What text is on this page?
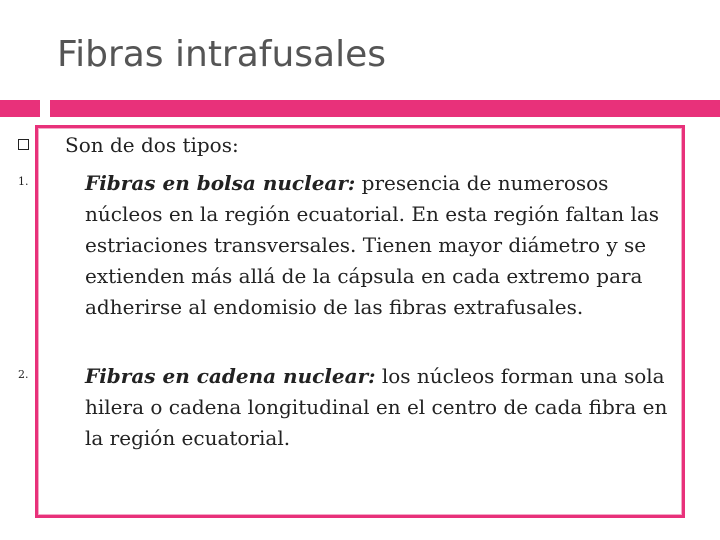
Fibras intrafusales
Son de dos tipos:
1.	Fibras en bolsa nuclear: presencia de numerosos núcleos en la región ecuatorial. En esta región faltan las estriaciones transversales. Tienen mayor diámetro y se extienden más allá de la cápsula en cada extremo para adherirse al endomisio de las fibras extrafusales.
2.	Fibras en cadena nuclear: los núcleos forman una sola hilera o cadena longitudinal en el centro de cada fibra en la región ecuatorial.
